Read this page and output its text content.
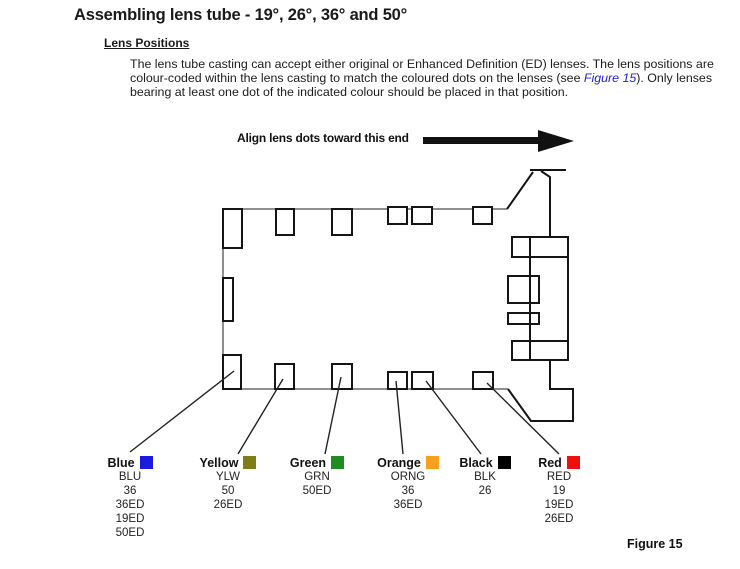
Assembling lens tube - 19°, 26°, 36° and 50°
Lens Positions
The lens tube casting can accept either original or Enhanced Definition (ED) lenses. The lens positions are colour-coded within the lens casting to match the coloured dots on the lenses (see Figure 15). Only lenses bearing at least one dot of the indicated colour should be placed in that position.
Align lens dots toward this end
Blue
BLU
36
36ED
19ED
50ED
Yellow
YLW
50
26ED
Green
GRN
50ED
Orange
ORNG
36
36ED
Black
BLK
26
Red
RED
19
19ED
26ED
Figure 15
